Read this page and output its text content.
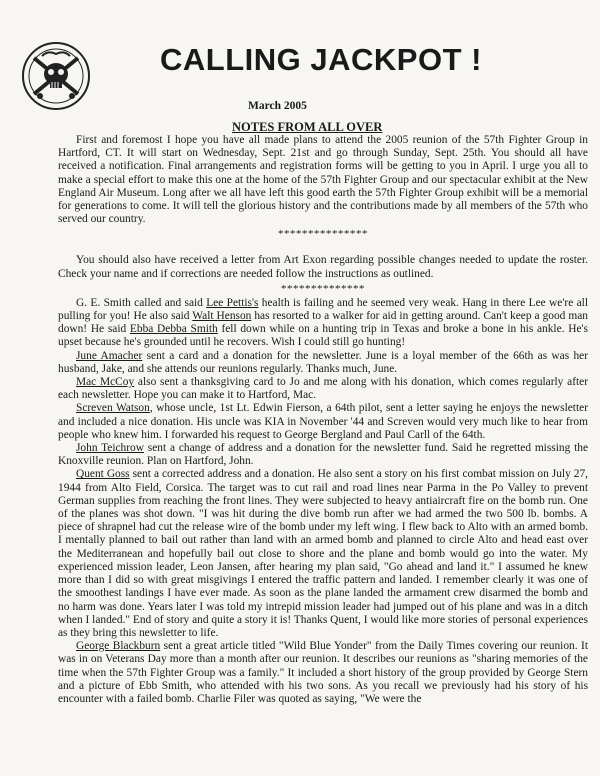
CALLING JACKPOT !
March 2005
NOTES FROM ALL OVER

First and foremost I hope you have all made plans to attend the 2005 reunion of the 57th Fighter Group in Hartford, CT. It will start on Wednesday, Sept. 21st and go through Sunday, Sept. 25th. You should all have received a notification. Final arrangements and registration forms will be getting to you in April. I urge you all to make a special effort to make this one at the home of the 57th Fighter Group and our spectacular exhibit at the New England Air Museum. Long after we all have left this good earth the 57th Fighter Group exhibit will be a memorial for generations to come. It will tell the glorious history and the contributions made by all members of the 57th who served our country.

***************

You should also have received a letter from Art Exon regarding possible changes needed to update the roster. Check your name and if corrections are needed follow the instructions as outlined.

**************

G. E. Smith called and said Lee Pettis's health is failing and he seemed very weak. Hang in there Lee we're all pulling for you! He also said Walt Henson has resorted to a walker for aid in getting around. Can't keep a good man down! He said Ebba Debba Smith fell down while on a hunting trip in Texas and broke a bone in his ankle. He's upset because he's grounded until he recovers. Wish I could still go hunting!

June Amacher sent a card and a donation for the newsletter. June is a loyal member of the 66th as was her husband, Jake, and she attends our reunions regularly. Thanks much, June.

Mac McCoy also sent a thanksgiving card to Jo and me along with his donation, which comes regularly after each newsletter. Hope you can make it to Hartford, Mac.

Screven Watson, whose uncle, 1st Lt. Edwin Fierson, a 64th pilot, sent a letter saying he enjoys the newsletter and included a nice donation. His uncle was KIA in November '44 and Screven would very much like to hear from people who knew him. I forwarded his request to George Bergland and Paul Carll of the 64th.

John Teichrow sent a change of address and a donation for the newsletter fund. Said he regretted missing the Knoxville reunion. Plan on Hartford, John.

Quent Goss sent a corrected address and a donation. He also sent a story on his first combat mission on July 27, 1944 from Alto Field, Corsica. The target was to cut rail and road lines near Parma in the Po Valley to prevent German supplies from reaching the front lines. They were subjected to heavy antiaircraft fire on the bomb run. One of the planes was shot down. "I was hit during the dive bomb run after we had armed the two 500 lb. bombs. A piece of shrapnel had cut the release wire of the bomb under my left wing. I flew back to Alto with an armed bomb. I mentally planned to bail out rather than land with an armed bomb and planned to circle Alto and head east over the Mediterranean and hopefully bail out close to shore and the plane and bomb would go into the water. My experienced mission leader, Leon Jansen, after hearing my plan said, "Go ahead and land it." I assumed he knew more than I did so with great misgivings I entered the traffic pattern and landed. I remember clearly it was one of the smoothest landings I have ever made. As soon as the plane landed the armament crew disarmed the bomb and no harm was done. Years later I was told my intrepid mission leader had jumped out of his plane and was in a ditch when I landed." End of story and quite a story it is! Thanks Quent, I would like more stories of personal experiences as they bring this newsletter to life.

George Blackburn sent a great article titled "Wild Blue Yonder" from the Daily Times covering our reunion. It was in on Veterans Day more than a month after our reunion. It describes our reunions as "sharing memories of the time when the 57th Fighter Group was a family." It included a short history of the group provided by George Stern and a picture of Ebb Smith, who attended with his two sons. As you recall we previously had his story of his encounter with a failed bomb. Charlie Filer was quoted as saying, "We were the
